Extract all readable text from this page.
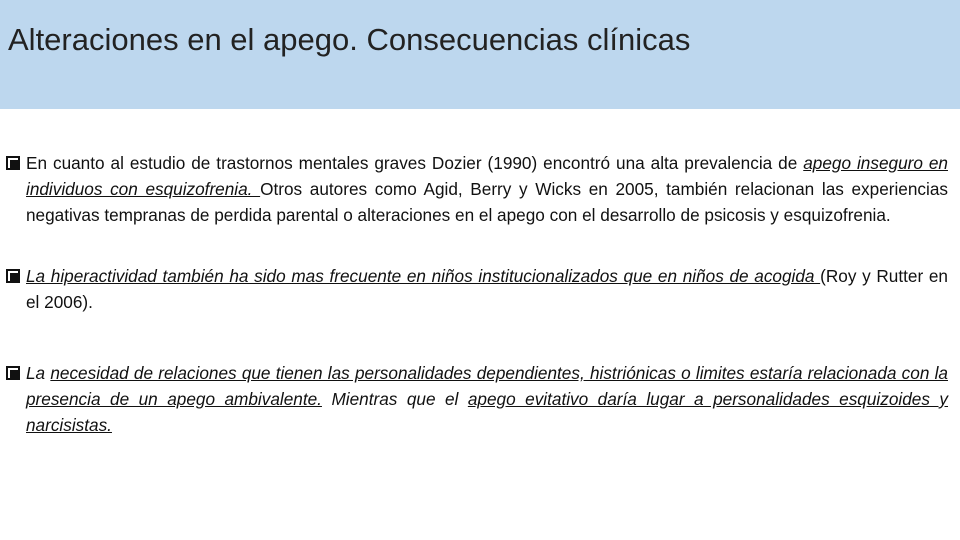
Alteraciones en el apego. Consecuencias clínicas
En cuanto al estudio de trastornos mentales graves Dozier (1990) encontró una alta prevalencia de apego inseguro en individuos con esquizofrenia. Otros autores como Agid, Berry y Wicks en 2005, también relacionan las experiencias negativas tempranas de perdida parental o alteraciones en el apego con el desarrollo de psicosis y esquizofrenia.
La hiperactividad también ha sido mas frecuente en niños institucionalizados que en niños de acogida (Roy y Rutter en el 2006).
La necesidad de relaciones que tienen las personalidades dependientes, histriónicas o limites estaría relacionada con la presencia de un apego ambivalente. Mientras que el apego evitativo daría lugar a personalidades esquizoides y narcisistas.
